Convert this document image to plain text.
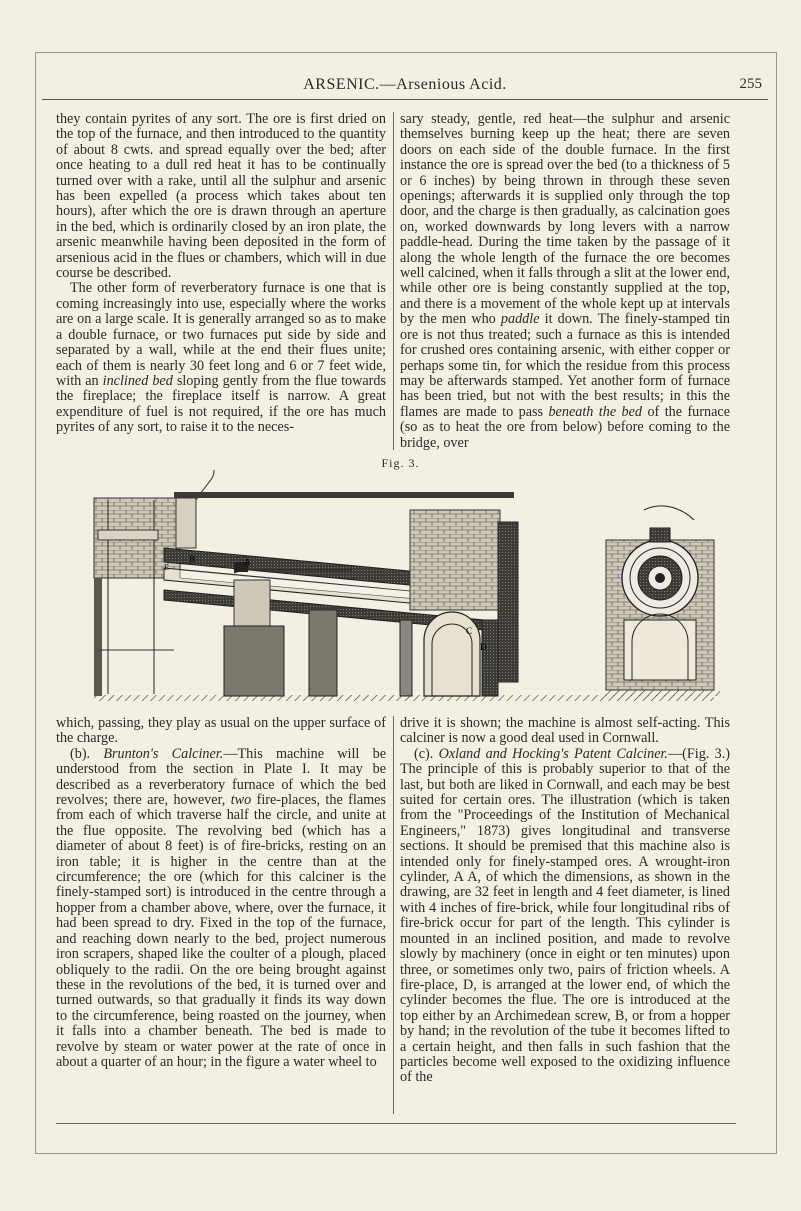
ARSENIC.—Arsenious Acid.	255

they contain pyrites of any sort. The ore is first dried on the top of the furnace, and then introduced to the quantity of about 8 cwts. and spread equally over the bed; after once heating to a dull red heat it has to be continually turned over with a rake, until all the sulphur and arsenic has been expelled (a process which takes about ten hours), after which the ore is drawn through an aperture in the bed, which is ordinarily closed by an iron plate, the arsenic meanwhile having been deposited in the form of arsenious acid in the flues or chambers, which will in due course be described.

The other form of reverberatory furnace is one that is coming increasingly into use, especially where the works are on a large scale. It is generally arranged so as to make a double furnace, or two furnaces put side by side and separated by a wall, while at the end their flues unite; each of them is nearly 30 feet long and 6 or 7 feet wide, with an inclined bed sloping gently from the flue towards the fireplace; the fireplace itself is narrow. A great expenditure of fuel is not required, if the ore has much pyrites of any sort, to raise it to the neces-

sary steady, gentle, red heat—the sulphur and arsenic themselves burning keep up the heat; there are seven doors on each side of the double furnace. In the first instance the ore is spread over the bed (to a thickness of 5 or 6 inches) by being thrown in through these seven openings; afterwards it is supplied only through the top door, and the charge is then gradually, as calcination goes on, worked downwards by long levers with a narrow paddle-head. During the time taken by the passage of it along the whole length of the furnace the ore becomes well calcined, when it falls through a slit at the lower end, while other ore is being constantly supplied at the top, and there is a movement of the whole kept up at intervals by the men who paddle it down. The finely-stamped tin ore is not thus treated; such a furnace as this is intended for crushed ores containing arsenic, with either copper or perhaps some tin, for which the residue from this process may be afterwards stamped. Yet another form of furnace has been tried, but not with the best results; in this the flames are made to pass beneath the bed of the furnace (so as to heat the ore from below) before coming to the bridge, over

Fig. 3.
A
B
C
D
E

which, passing, they play as usual on the upper surface of the charge.

(b). Brunton's Calciner.—This machine will be understood from the section in Plate I. It may be described as a reverberatory furnace of which the bed revolves; there are, however, two fire-places, the flames from each of which traverse half the circle, and unite at the flue opposite. The revolving bed (which has a diameter of about 8 feet) is of fire-bricks, resting on an iron table; it is higher in the centre than at the circumference; the ore (which for this calciner is the finely-stamped sort) is introduced in the centre through a hopper from a chamber above, where, over the furnace, it had been spread to dry. Fixed in the top of the furnace, and reaching down nearly to the bed, project numerous iron scrapers, shaped like the coulter of a plough, placed obliquely to the radii. On the ore being brought against these in the revolutions of the bed, it is turned over and turned outwards, so that gradually it finds its way down to the circumference, being roasted on the journey, when it falls into a chamber beneath. The bed is made to revolve by steam or water power at the rate of once in about a quarter of an hour; in the figure a water wheel to

drive it is shown; the machine is almost self-acting. This calciner is now a good deal used in Cornwall.

(c). Oxland and Hocking's Patent Calciner.—(Fig. 3.) The principle of this is probably superior to that of the last, but both are liked in Cornwall, and each may be best suited for certain ores. The illustration (which is taken from the "Proceedings of the Institution of Mechanical Engineers," 1873) gives longitudinal and transverse sections. It should be premised that this machine also is intended only for finely-stamped ores. A wrought-iron cylinder, A A, of which the dimensions, as shown in the drawing, are 32 feet in length and 4 feet diameter, is lined with 4 inches of fire-brick, while four longitudinal ribs of fire-brick occur for part of the length. This cylinder is mounted in an inclined position, and made to revolve slowly by machinery (once in eight or ten minutes) upon three, or sometimes only two, pairs of friction wheels. A fire-place, D, is arranged at the lower end, of which the cylinder becomes the flue. The ore is introduced at the top either by an Archimedean screw, B, or from a hopper by hand; in the revolution of the tube it becomes lifted to a certain height, and then falls in such fashion that the particles become well exposed to the oxidizing influence of the
